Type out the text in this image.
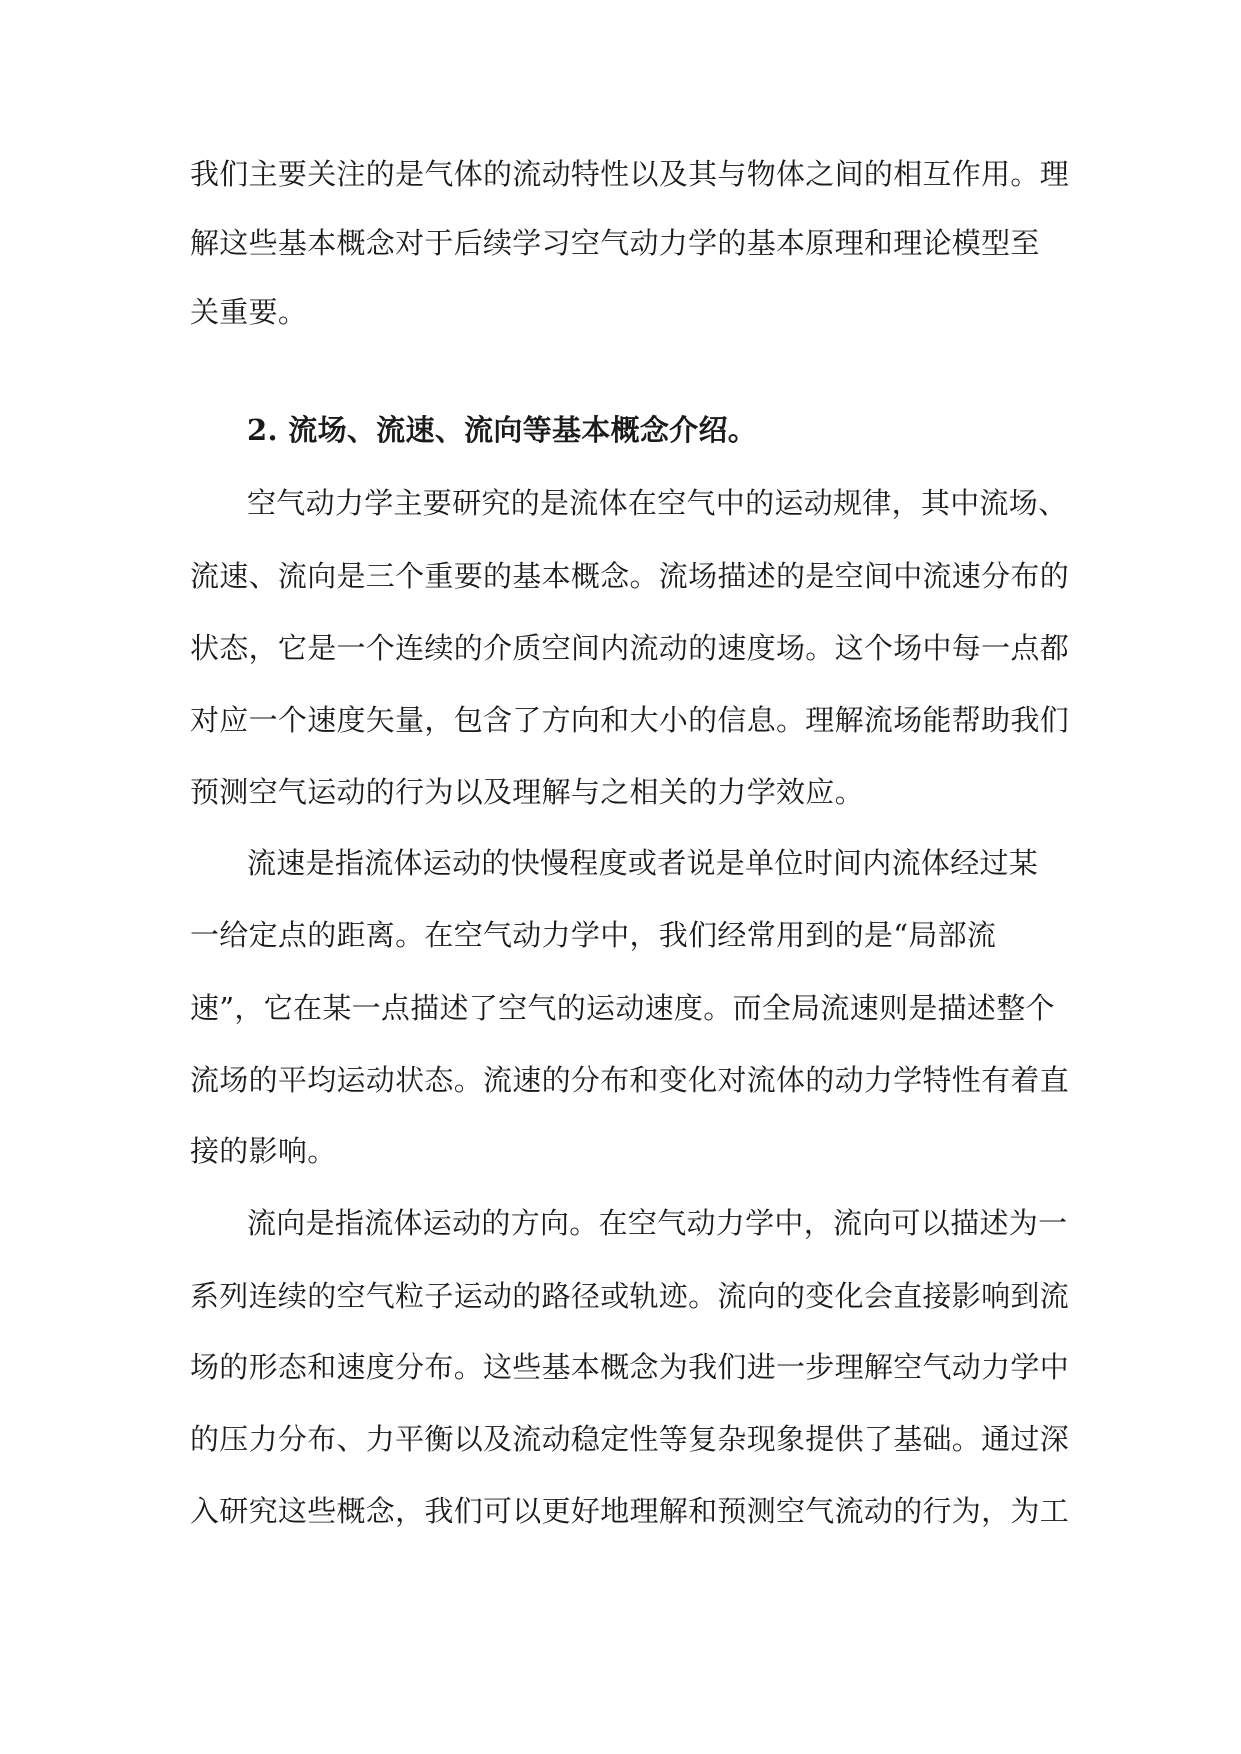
我们主要关注的是气体的流动特性以及其与物体之间的相互作用。理
解这些基本概念对于后续学习空气动力学的基本原理和理论模型至
关重要。
2. 流场、流速、流向等基本概念介绍。
空气动力学主要研究的是流体在空气中的运动规律，其中流场、
流速、流向是三个重要的基本概念。流场描述的是空间中流速分布的
状态，它是一个连续的介质空间内流动的速度场。这个场中每一点都
对应一个速度矢量，包含了方向和大小的信息。理解流场能帮助我们
预测空气运动的行为以及理解与之相关的力学效应。
流速是指流体运动的快慢程度或者说是单位时间内流体经过某
一给定点的距离。在空气动力学中，我们经常用到的是“局部流
速”，它在某一点描述了空气的运动速度。而全局流速则是描述整个
流场的平均运动状态。流速的分布和变化对流体的动力学特性有着直
接的影响。
流向是指流体运动的方向。在空气动力学中，流向可以描述为一
系列连续的空气粒子运动的路径或轨迹。流向的变化会直接影响到流
场的形态和速度分布。这些基本概念为我们进一步理解空气动力学中
的压力分布、力平衡以及流动稳定性等复杂现象提供了基础。通过深
入研究这些概念，我们可以更好地理解和预测空气流动的行为，为工
